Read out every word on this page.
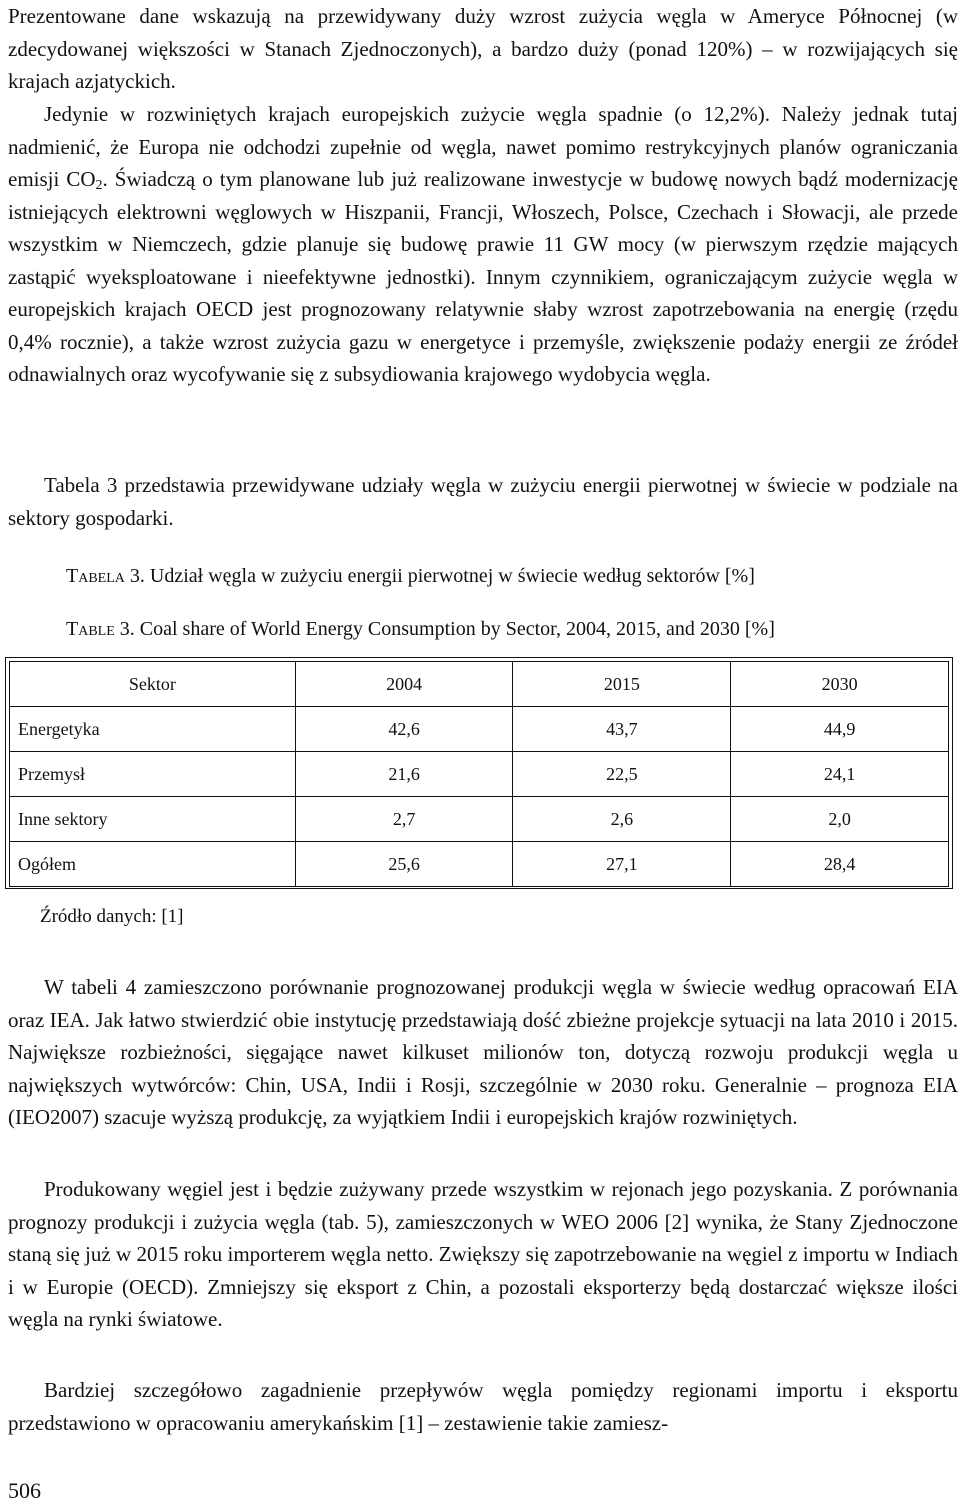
Prezentowane dane wskazują na przewidywany duży wzrost zużycia węgla w Ameryce Północnej (w zdecydowanej większości w Stanach Zjednoczonych), a bardzo duży (ponad 120%) – w rozwijających się krajach azjatyckich.

Jedynie w rozwiniętych krajach europejskich zużycie węgla spadnie (o 12,2%). Należy jednak tutaj nadmienić, że Europa nie odchodzi zupełnie od węgla, nawet pomimo restrykcyjnych planów ograniczania emisji $CO_2$. Świadczą o tym planowane lub już realizowane inwestycje w budowę nowych bądź modernizację istniejących elektrowni węglowych w Hiszpanii, Francji, Włoszech, Polsce, Czechach i Słowacji, ale przede wszystkim w Niemczech, gdzie planuje się budowę prawie 11 GW mocy (w pierwszym rzędzie mających zastąpić wyeksploatowane i nieefektywne jednostki). Innym czynnikiem, ograniczającym zużycie węgla w europejskich krajach OECD jest prognozowany relatywnie słaby wzrost zapotrzebowania na energię (rzędu 0,4% rocznie), a także wzrost zużycia gazu w energetyce i przemyśle, zwiększenie podaży energii ze źródeł odnawialnych oraz wycofywanie się z subsydiowania krajowego wydobycia węgla.

Tabela 3 przedstawia przewidywane udziały węgla w zużyciu energii pierwotnej w świecie w podziale na sektory gospodarki.

Tabela 3. Udział węgla w zużyciu energii pierwotnej w świecie według sektorów [%]

Table 3. Coal share of World Energy Consumption by Sector, 2004, 2015, and 2030 [%]

Sektor	2004	2015	2030
Energetyka	42,6	43,7	44,9
Przemysł	21,6	22,5	24,1
Inne sektory	2,7	2,6	2,0
Ogółem	25,6	27,1	28,4

Źródło danych: [1]

W tabeli 4 zamieszczono porównanie prognozowanej produkcji węgla w świecie według opracowań EIA oraz IEA. Jak łatwo stwierdzić obie instytucję przedstawiają dość zbieżne projekcje sytuacji na lata 2010 i 2015. Największe rozbieżności, sięgające nawet kilkuset milionów ton, dotyczą rozwoju produkcji węgla u największych wytwórców: Chin, USA, Indii i Rosji, szczególnie w 2030 roku. Generalnie – prognoza EIA (IEO2007) szacuje wyższą produkcję, za wyjątkiem Indii i europejskich krajów rozwiniętych.

Produkowany węgiel jest i będzie zużywany przede wszystkim w rejonach jego pozyskania. Z porównania prognozy produkcji i zużycia węgla (tab. 5), zamieszczonych w WEO 2006 [2] wynika, że Stany Zjednoczone staną się już w 2015 roku importerem węgla netto. Zwiększy się zapotrzebowanie na węgiel z importu w Indiach i w Europie (OECD). Zmniejszy się eksport z Chin, a pozostali eksporterzy będą dostarczać większe ilości węgla na rynki światowe.

Bardziej szczegółowo zagadnienie przepływów węgla pomiędzy regionami importu i eksportu przedstawiono w opracowaniu amerykańskim [1] – zestawienie takie zamiesz-

506
